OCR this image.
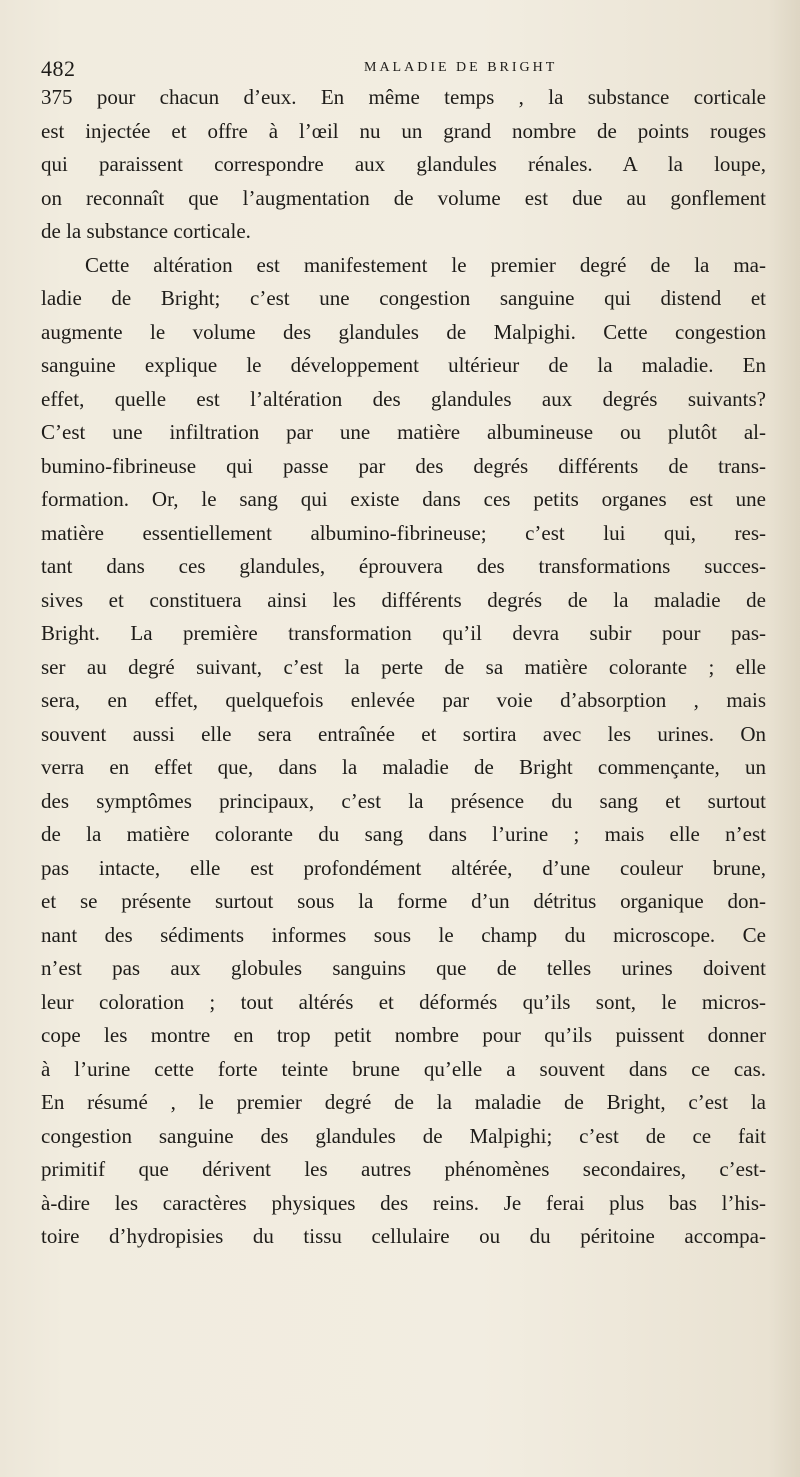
482	MALADIE DE BRIGHT
375 pour chacun d’eux. En même temps , la substance corticale
est injectée et offre à l’œil nu un grand nombre de points rouges
qui paraissent correspondre aux glandules rénales. A la loupe,
on reconnaît que l’augmentation de volume est due au gonflement
de la substance corticale.
Cette altération est manifestement le premier degré de la ma-
ladie de Bright; c’est une congestion sanguine qui distend et
augmente le volume des glandules de Malpighi. Cette congestion
sanguine explique le développement ultérieur de la maladie. En
effet, quelle est l’altération des glandules aux degrés suivants?
C’est une infiltration par une matière albumineuse ou plutôt al-
bumino-fibrineuse qui passe par des degrés différents de trans-
formation. Or, le sang qui existe dans ces petits organes est une
matière essentiellement albumino-fibrineuse; c’est lui qui, res-
tant dans ces glandules, éprouvera des transformations succes-
sives et constituera ainsi les différents degrés de la maladie de
Bright. La première transformation qu’il devra subir pour pas-
ser au degré suivant, c’est la perte de sa matière colorante ; elle
sera, en effet, quelquefois enlevée par voie d’absorption , mais
souvent aussi elle sera entraînée et sortira avec les urines. On
verra en effet que, dans la maladie de Bright commençante, un
des symptômes principaux, c’est la présence du sang et surtout
de la matière colorante du sang dans l’urine ; mais elle n’est
pas intacte, elle est profondément altérée, d’une couleur brune,
et se présente surtout sous la forme d’un détritus organique don-
nant des sédiments informes sous le champ du microscope. Ce
n’est pas aux globules sanguins que de telles urines doivent
leur coloration ; tout altérés et déformés qu’ils sont, le micros-
cope les montre en trop petit nombre pour qu’ils puissent donner
à l’urine cette forte teinte brune qu’elle a souvent dans ce cas.
En résumé , le premier degré de la maladie de Bright, c’est la
congestion sanguine des glandules de Malpighi; c’est de ce fait
primitif que dérivent les autres phénomènes secondaires, c’est-
à-dire les caractères physiques des reins. Je ferai plus bas l’his-
toire d’hydropisies du tissu cellulaire ou du péritoine accompa-
